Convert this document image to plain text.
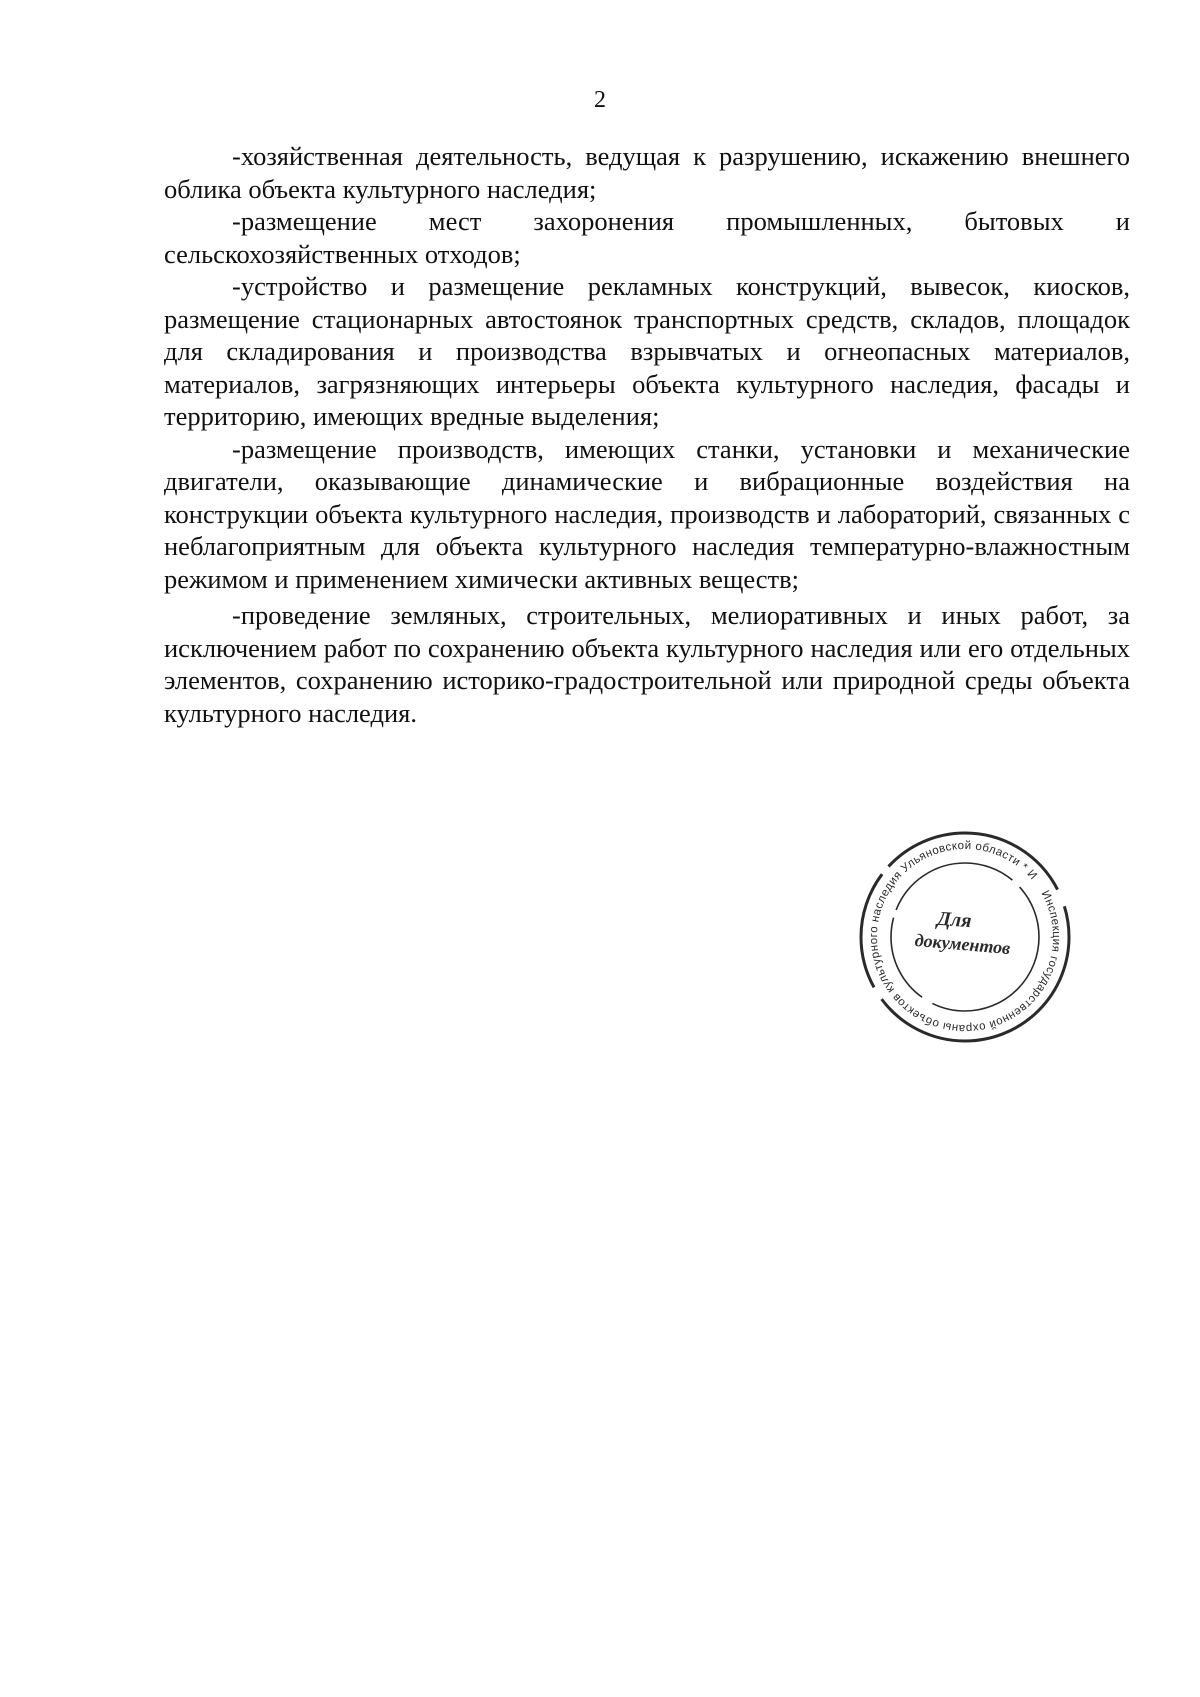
2

-хозяйственная деятельность, ведущая к разрушению, искажению внешнего облика объекта культурного наследия;

-размещение мест захоронения промышленных, бытовых и сельскохозяйственных отходов;

-устройство и размещение рекламных конструкций, вывесок, киосков, размещение стационарных автостоянок транспортных средств, складов, площадок для складирования и производства взрывчатых и огнеопасных материалов, материалов, загрязняющих интерьеры объекта культурного наследия, фасады и территорию, имеющих вредные выделения;

-размещение производств, имеющих станки, установки и механические двигатели, оказывающие динамические и вибрационные воздействия на конструкции объекта культурного наследия, производств и лабораторий, связанных с неблагоприятным для объекта культурного наследия температурно-влажностным режимом и применением химически активных веществ;

-проведение земляных, строительных, мелиоративных и иных работ, за исключением работ по сохранению объекта культурного наследия или его отдельных элементов, сохранению историко-градостроительной или природной среды объекта культурного наследия.

Инспекция государственной охраны объектов культурного наследия Ульяновской области * И
Для
документов
